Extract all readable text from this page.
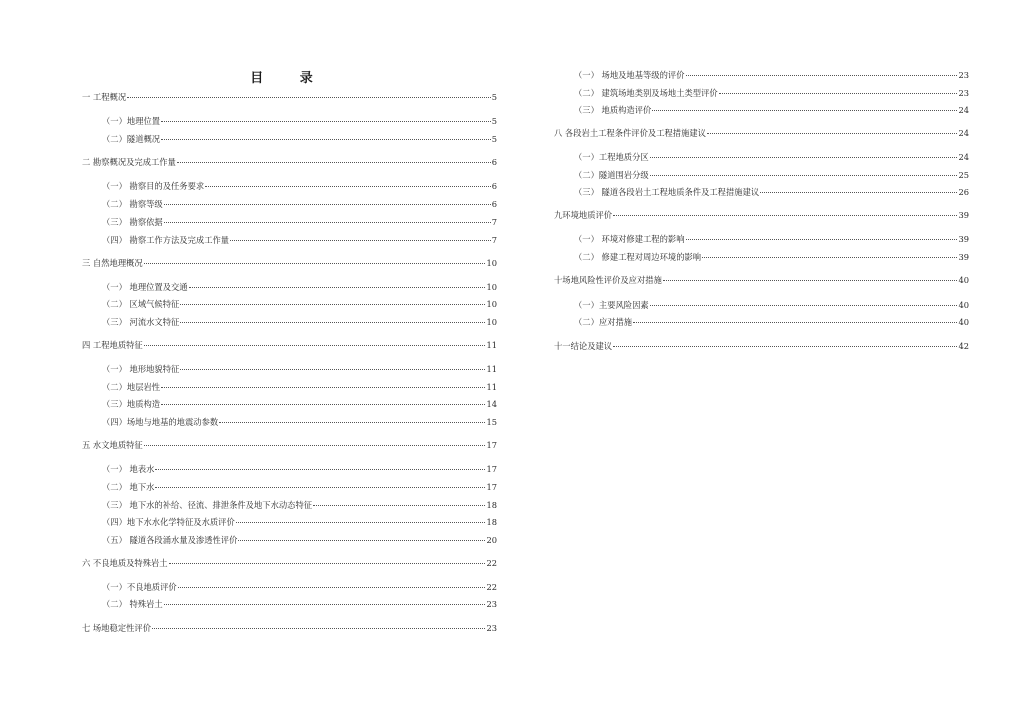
目 录
一 工程概况	5
（一）地理位置	5
（二）隧道概况	5
二 勘察概况及完成工作量	6
（一） 勘察目的及任务要求	6
（二） 勘察等级	6
（三） 勘察依据	7
（四） 勘察工作方法及完成工作量	7
三 自然地理概况	10
（一） 地理位置及交通	10
（二） 区域气候特征	10
（三） 河流水文特征	10
四 工程地质特征	11
（一） 地形地貌特征	11
（二）地层岩性	11
（三）地质构造	14
（四）场地与地基的地震动参数	15
五 水文地质特征	17
（一） 地表水	17
（二） 地下水	17
（三） 地下水的补给、径流、排泄条件及地下水动态特征	18
（四）地下水水化学特征及水质评价	18
（五） 隧道各段涌水量及渗透性评价	20
六 不良地质及特殊岩土	22
（一）不良地质评价	22
（二） 特殊岩土	23
七 场地稳定性评价	23
（一） 场地及地基等级的评价	23
（二） 建筑场地类别及场地土类型评价	23
（三） 地质构造评价	24
八 各段岩土工程条件评价及工程措施建议	24
（一）工程地质分区	24
（二）隧道围岩分级	25
（三） 隧道各段岩土工程地质条件及工程措施建议	26
九环境地质评价	39
（一） 环境对修建工程的影响	39
（二） 修建工程对周边环境的影响	39
十场地风险性评价及应对措施	40
（一）主要风险因素	40
（二）应对措施	40
十一结论及建议	42
